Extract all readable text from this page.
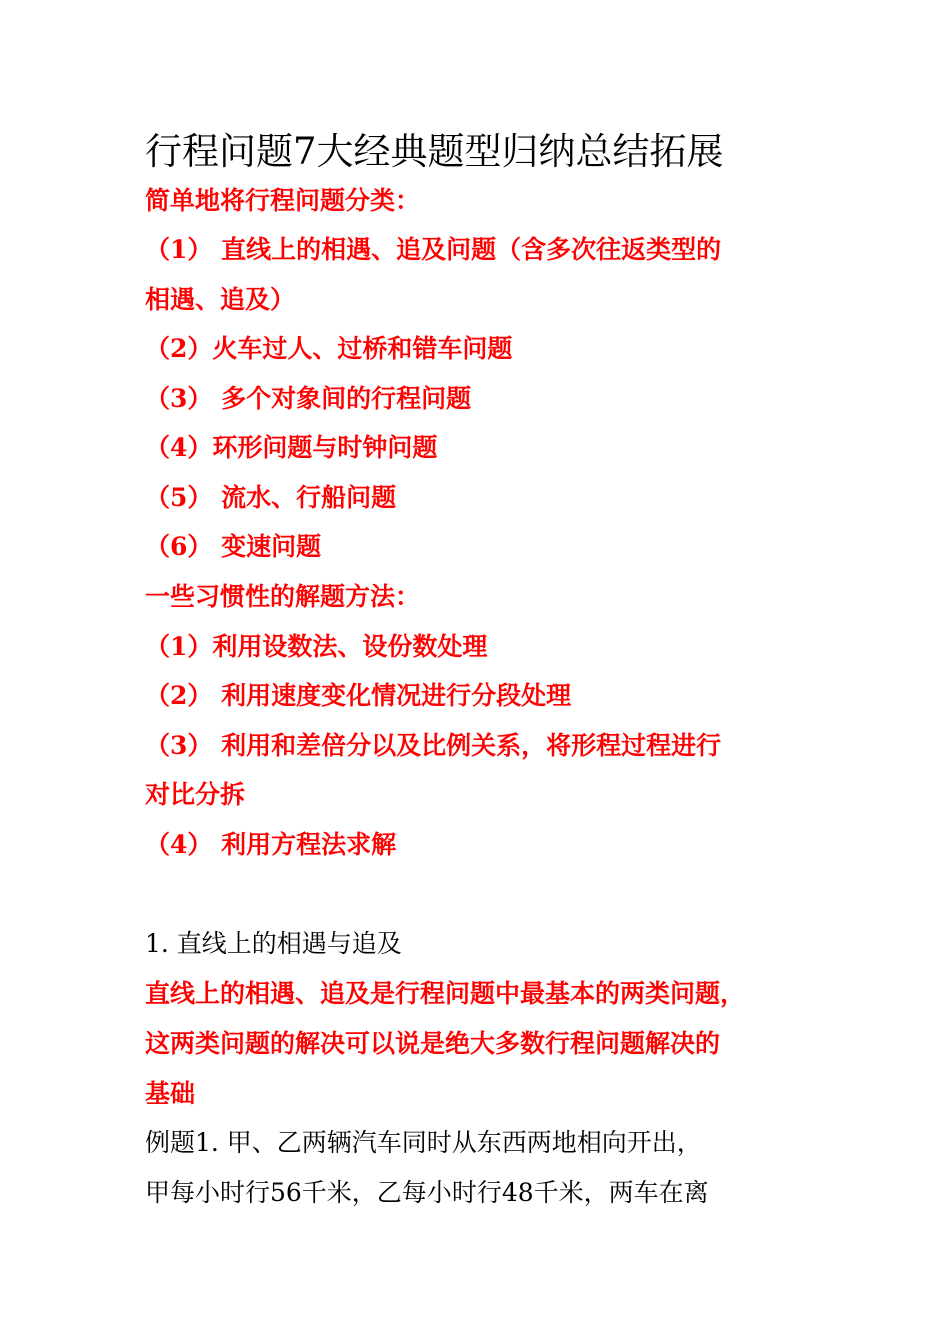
行程问题7大经典题型归纳总结拓展
简单地将行程问题分类：
（1） 直线上的相遇、追及问题（含多次往返类型的
相遇、追及）
（2）火车过人、过桥和错车问题
（3） 多个对象间的行程问题
（4）环形问题与时钟问题
（5） 流水、行船问题
（6） 变速问题
一些习惯性的解题方法：
（1）利用设数法、设份数处理
（2） 利用速度变化情况进行分段处理
（3） 利用和差倍分以及比例关系，将形程过程进行
对比分拆
（4） 利用方程法求解
1. 直线上的相遇与追及
直线上的相遇、追及是行程问题中最基本的两类问题，
这两类问题的解决可以说是绝大多数行程问题解决的
基础
例题1. 甲、乙两辆汽车同时从东西两地相向开出，
甲每小时行56千米，乙每小时行48千米，两车在离
